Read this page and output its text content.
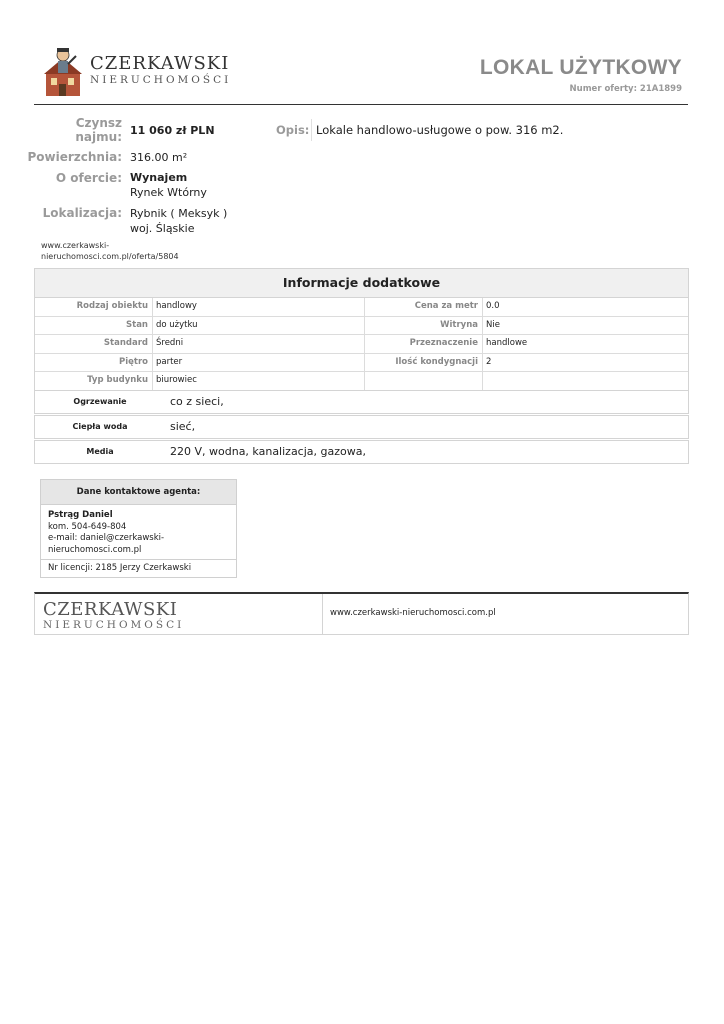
CZERKAWSKI
NIERUCHOMOŚCI
LOKAL UŻYTKOWY
Numer oferty: 21A1899
Czynsz najmu: 11 060 zł PLN
Powierzchnia: 316.00 m²
O ofercie: Wynajem
Rynek Wtórny
Lokalizacja: Rybnik ( Meksyk )
woj. Śląskie
www.czerkawski-nieruchomosci.com.pl/oferta/5804
Opis: Lokale handlowo-usługowe o pow. 316 m2.
Informacje dodatkowe
Rodzaj obiektu handlowy	Cena za metr 0.0
Stan do użytku	Witryna Nie
Standard Średni	Przeznaczenie handlowe
Piętro parter	Ilość kondygnacji 2
Typ budynku biurowiec
Ogrzewanie	co z sieci,
Ciepła woda	sieć,
Media	220 V, wodna, kanalizacja, gazowa,
Dane kontaktowe agenta:
Pstrąg Daniel
kom. 504-649-804
e-mail: daniel@czerkawski-nieruchomosci.com.pl
Nr licencji: 2185 Jerzy Czerkawski
CZERKAWSKI
NIERUCHOMOŚCI
www.czerkawski-nieruchomosci.com.pl
